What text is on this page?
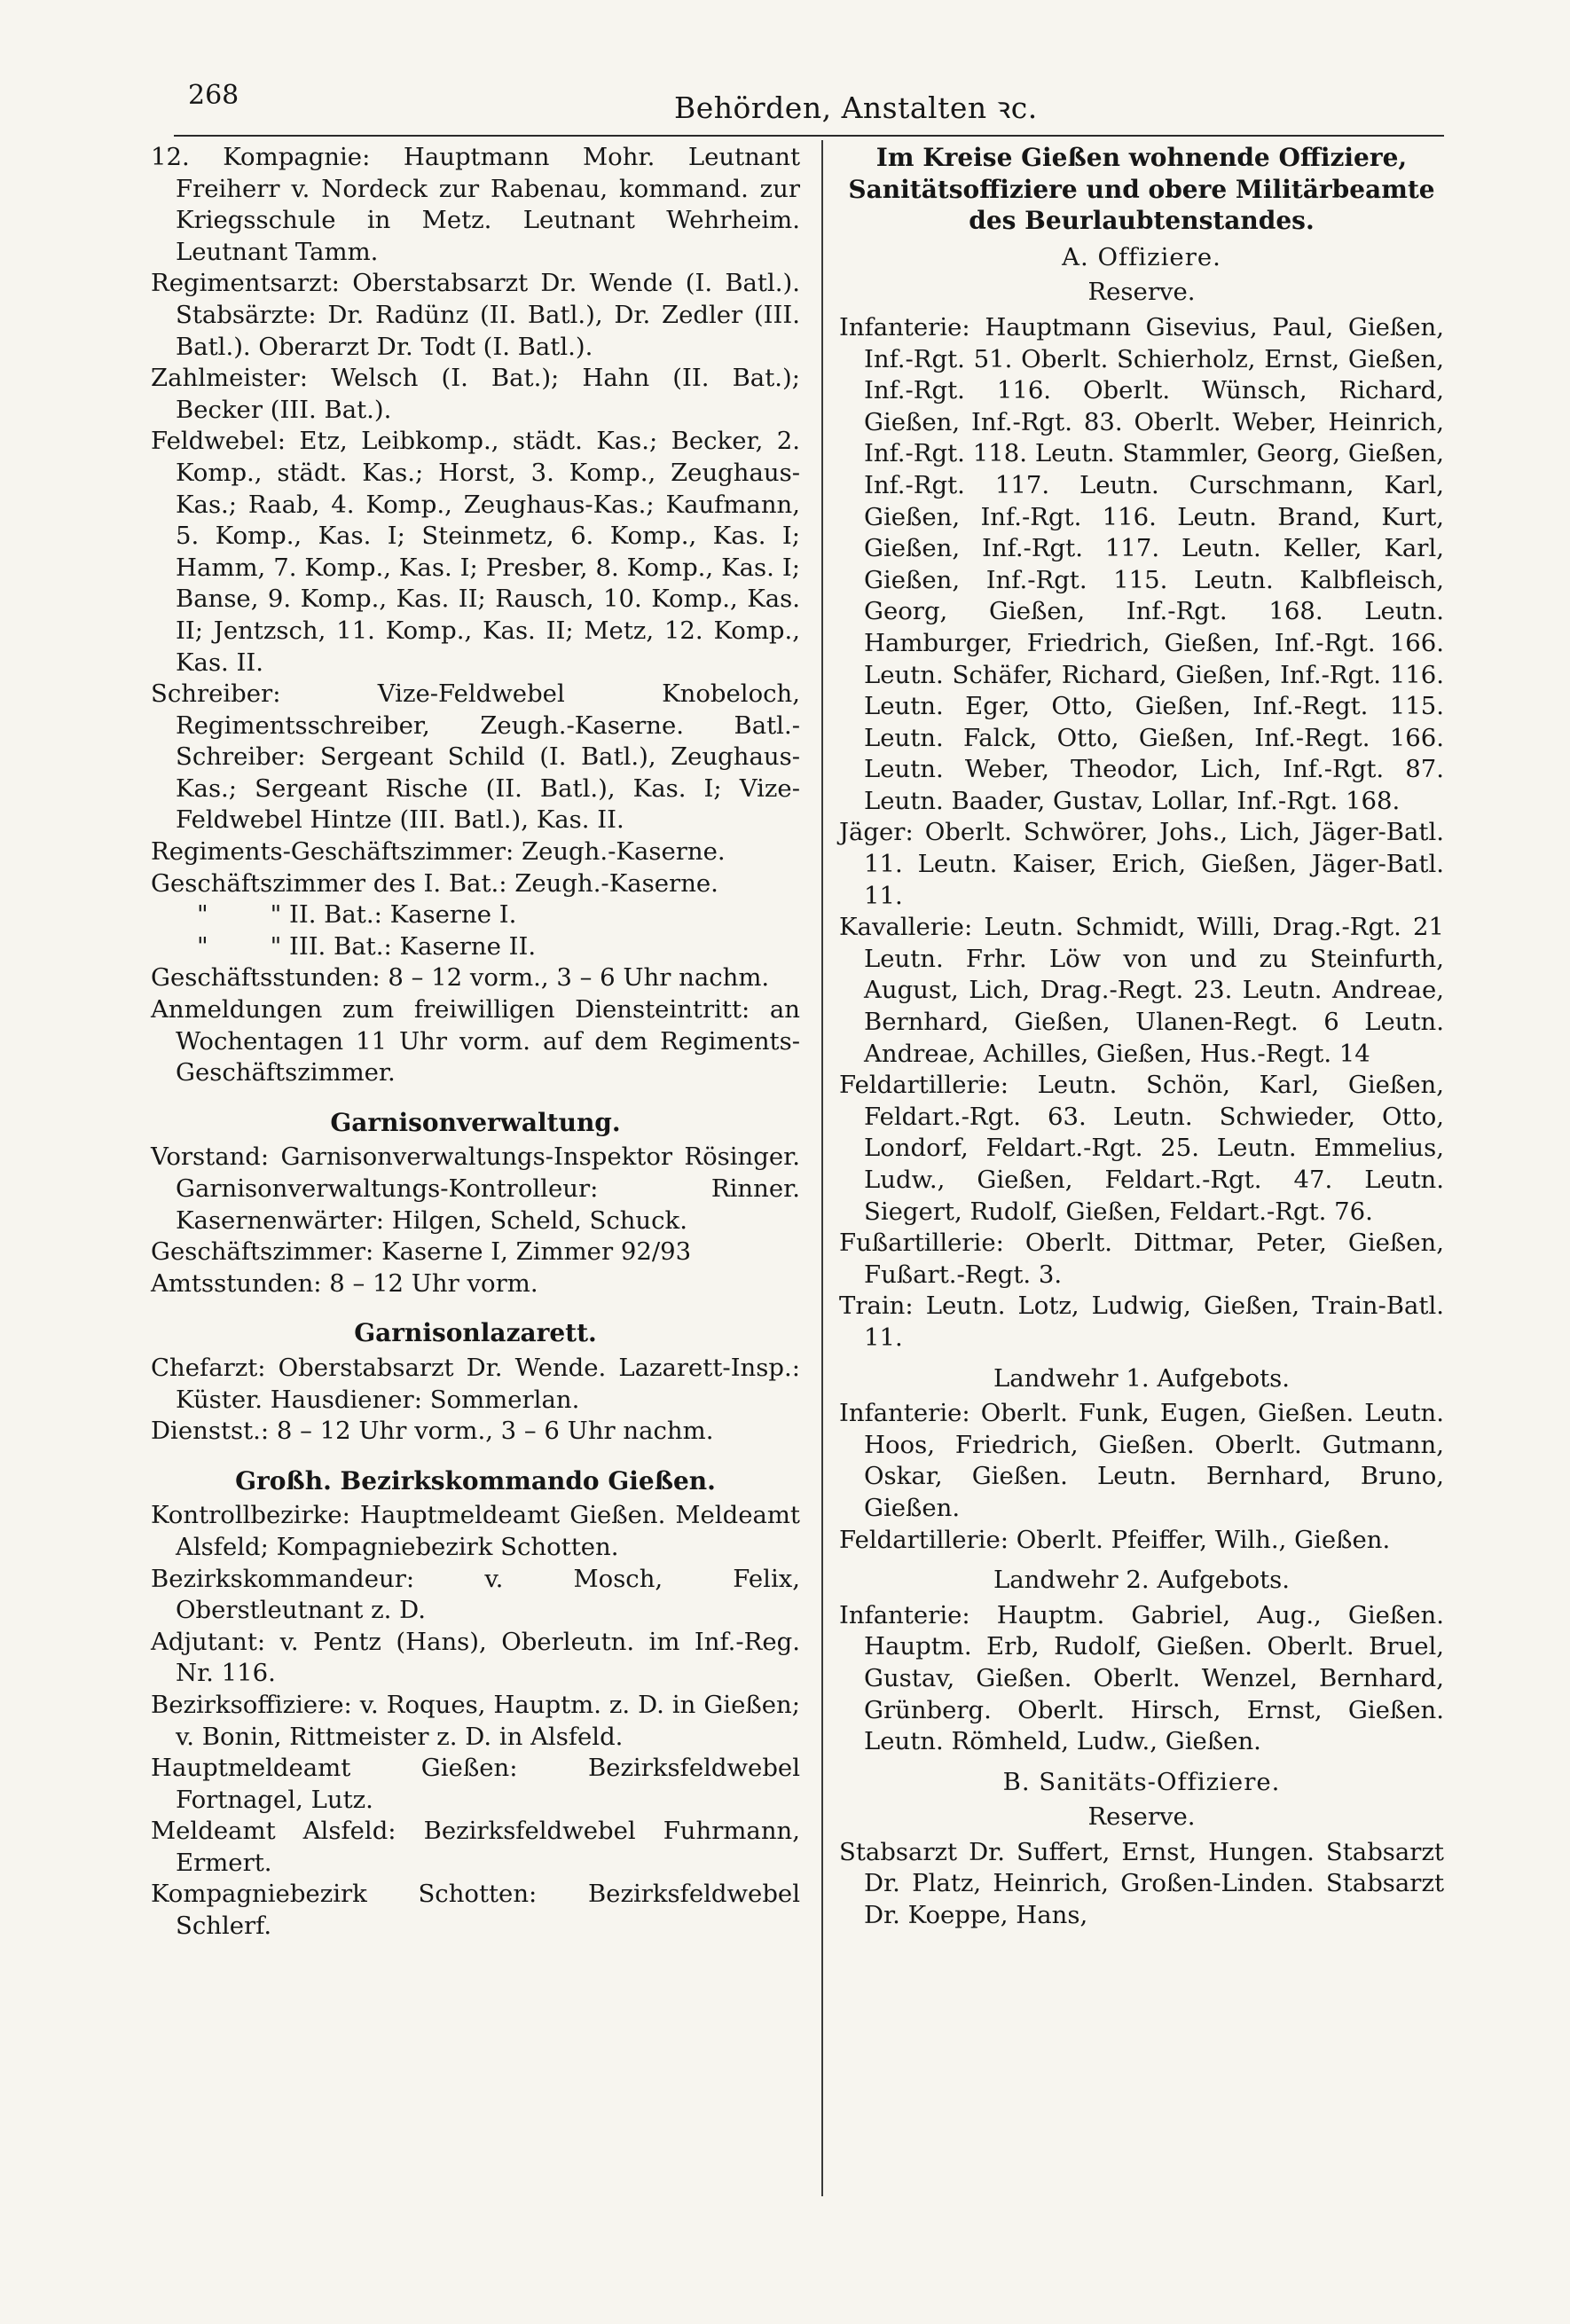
268	Behörden, Anstalten ꝛc.

12. Kompagnie: Hauptmann Mohr. Leutnant Freiherr v. Nordeck zur Rabenau, kommand. zur Kriegsschule in Metz. Leutnant Wehrheim. Leutnant Tamm.

Regimentsarzt: Oberstabsarzt Dr. Wende (I. Batl.). Stabsärzte: Dr. Radünz (II. Batl.), Dr. Zedler (III. Batl.). Oberarzt Dr. Todt (I. Batl.).

Zahlmeister: Welsch (I. Bat.); Hahn (II. Bat.); Becker (III. Bat.).

Feldwebel: Etz, Leibkomp., städt. Kas.; Becker, 2. Komp., städt. Kas.; Horst, 3. Komp., Zeughaus-Kas.; Raab, 4. Komp., Zeughaus-Kas.; Kaufmann, 5. Komp., Kas. I; Steinmetz, 6. Komp., Kas. I; Hamm, 7. Komp., Kas. I; Presber, 8. Komp., Kas. I; Banse, 9. Komp., Kas. II; Rausch, 10. Komp., Kas. II; Jentzsch, 11. Komp., Kas. II; Metz, 12. Komp., Kas. II.

Schreiber: Vize-Feldwebel Knobeloch, Regimentsschreiber, Zeugh.-Kaserne. Batl.-Schreiber: Sergeant Schild (I. Batl.), Zeughaus-Kas.; Sergeant Rische (II. Batl.), Kas. I; Vize-Feldwebel Hintze (III. Batl.), Kas. II.

Regiments-Geschäftszimmer: Zeugh.-Kaserne.

Geschäftszimmer des I. Bat.: Zeugh.-Kaserne.

"        " II. Bat.: Kaserne I.

"        " III. Bat.: Kaserne II.

Geschäftsstunden: 8 – 12 vorm., 3 – 6 Uhr nachm.

Anmeldungen zum freiwilligen Diensteintritt: an Wochentagen 11 Uhr vorm. auf dem Regiments-Geschäftszimmer.

Garnisonverwaltung.

Vorstand: Garnisonverwaltungs-Inspektor Rösinger. Garnisonverwaltungs-Kontrolleur: Rinner. Kasernenwärter: Hilgen, Scheld, Schuck.

Geschäftszimmer: Kaserne I, Zimmer 92/93

Amtsstunden: 8 – 12 Uhr vorm.

Garnisonlazarett.

Chefarzt: Oberstabsarzt Dr. Wende. Lazarett-Insp.: Küster. Hausdiener: Sommerlan.

Dienstst.: 8 – 12 Uhr vorm., 3 – 6 Uhr nachm.

Großh. Bezirkskommando Gießen.

Kontrollbezirke: Hauptmeldeamt Gießen. Meldeamt Alsfeld; Kompagniebezirk Schotten.

Bezirkskommandeur: v. Mosch, Felix, Oberstleutnant z. D.

Adjutant: v. Pentz (Hans), Oberleutn. im Inf.-Reg. Nr. 116.

Bezirksoffiziere: v. Roques, Hauptm. z. D. in Gießen; v. Bonin, Rittmeister z. D. in Alsfeld.

Hauptmeldeamt Gießen: Bezirksfeldwebel Fortnagel, Lutz.

Meldeamt Alsfeld: Bezirksfeldwebel Fuhrmann, Ermert.

Kompagniebezirk Schotten: Bezirksfeldwebel Schlerf.

Im Kreise Gießen wohnende Offiziere, Sanitätsoffiziere und obere Militärbeamte des Beurlaubtenstandes.
A. Offiziere.
Reserve.

Infanterie: Hauptmann Gisevius, Paul, Gießen, Inf.-Rgt. 51. Oberlt. Schierholz, Ernst, Gießen, Inf.-Rgt. 116. Oberlt. Wünsch, Richard, Gießen, Inf.-Rgt. 83. Oberlt. Weber, Heinrich, Inf.-Rgt. 118. Leutn. Stammler, Georg, Gießen, Inf.-Rgt. 117. Leutn. Curschmann, Karl, Gießen, Inf.-Rgt. 116. Leutn. Brand, Kurt, Gießen, Inf.-Rgt. 117. Leutn. Keller, Karl, Gießen, Inf.-Rgt. 115. Leutn. Kalbfleisch, Georg, Gießen, Inf.-Rgt. 168. Leutn. Hamburger, Friedrich, Gießen, Inf.-Rgt. 166. Leutn. Schäfer, Richard, Gießen, Inf.-Rgt. 116. Leutn. Eger, Otto, Gießen, Inf.-Regt. 115. Leutn. Falck, Otto, Gießen, Inf.-Regt. 166. Leutn. Weber, Theodor, Lich, Inf.-Rgt. 87. Leutn. Baader, Gustav, Lollar, Inf.-Rgt. 168.

Jäger: Oberlt. Schwörer, Johs., Lich, Jäger-Batl. 11. Leutn. Kaiser, Erich, Gießen, Jäger-Batl. 11.

Kavallerie: Leutn. Schmidt, Willi, Drag.-Rgt. 21 Leutn. Frhr. Löw von und zu Steinfurth, August, Lich, Drag.-Regt. 23. Leutn. Andreae, Bernhard, Gießen, Ulanen-Regt. 6 Leutn. Andreae, Achilles, Gießen, Hus.-Regt. 14

Feldartillerie: Leutn. Schön, Karl, Gießen, Feldart.-Rgt. 63. Leutn. Schwieder, Otto, Londorf, Feldart.-Rgt. 25. Leutn. Emmelius, Ludw., Gießen, Feldart.-Rgt. 47. Leutn. Siegert, Rudolf, Gießen, Feldart.-Rgt. 76.

Fußartillerie: Oberlt. Dittmar, Peter, Gießen, Fußart.-Regt. 3.

Train: Leutn. Lotz, Ludwig, Gießen, Train-Batl. 11.

Landwehr 1. Aufgebots.

Infanterie: Oberlt. Funk, Eugen, Gießen. Leutn. Hoos, Friedrich, Gießen. Oberlt. Gutmann, Oskar, Gießen. Leutn. Bernhard, Bruno, Gießen.

Feldartillerie: Oberlt. Pfeiffer, Wilh., Gießen.

Landwehr 2. Aufgebots.

Infanterie: Hauptm. Gabriel, Aug., Gießen. Hauptm. Erb, Rudolf, Gießen. Oberlt. Bruel, Gustav, Gießen. Oberlt. Wenzel, Bernhard, Grünberg. Oberlt. Hirsch, Ernst, Gießen. Leutn. Römheld, Ludw., Gießen.

B. Sanitäts-Offiziere.
Reserve.

Stabsarzt Dr. Suffert, Ernst, Hungen. Stabsarzt Dr. Platz, Heinrich, Großen-Linden. Stabsarzt Dr. Koeppe, Hans,
